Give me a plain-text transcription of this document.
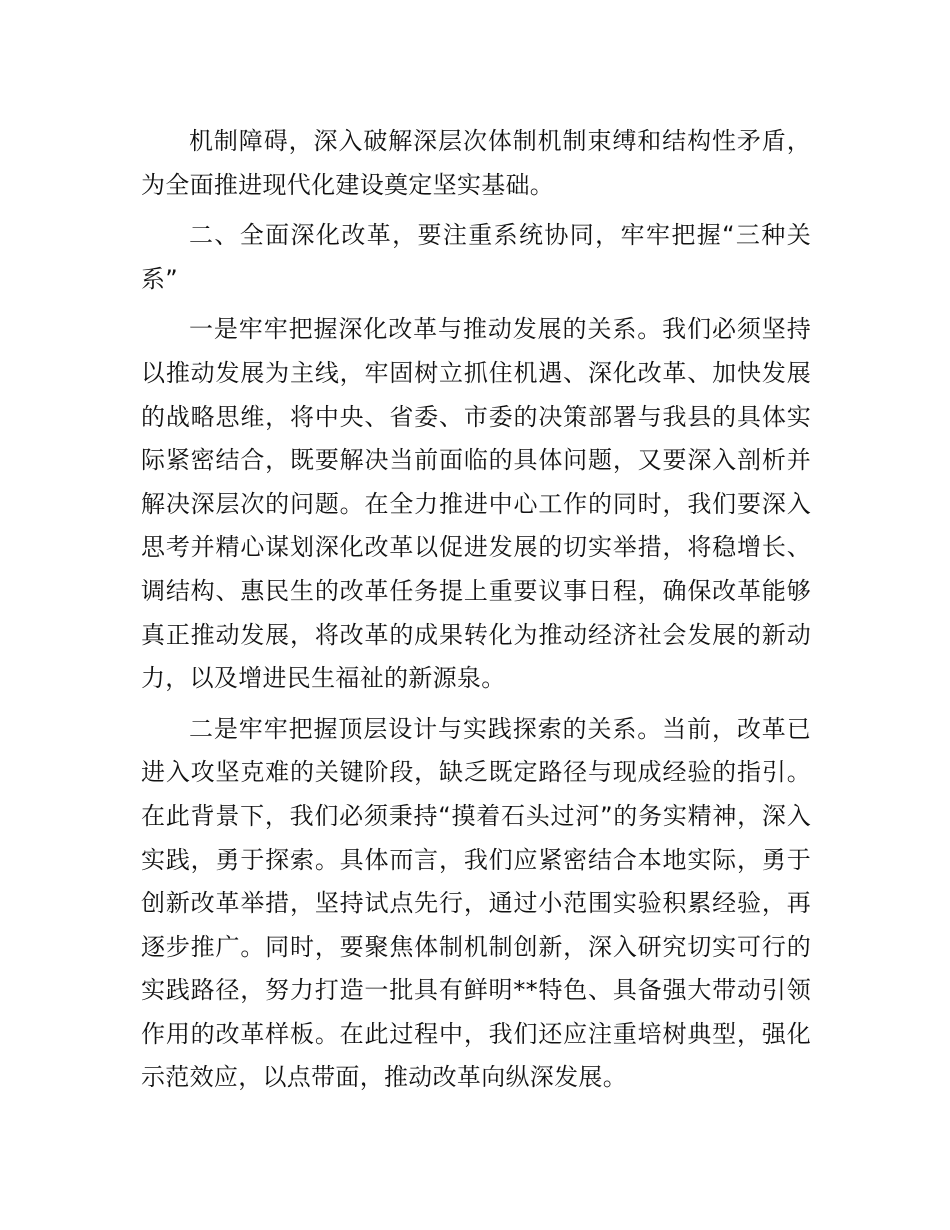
机制障碍，深入破解深层次体制机制束缚和结构性矛盾，为全面推进现代化建设奠定坚实基础。

二、全面深化改革，要注重系统协同，牢牢把握“三种关系”

一是牢牢把握深化改革与推动发展的关系。我们必须坚持以推动发展为主线，牢固树立抓住机遇、深化改革、加快发展的战略思维，将中央、省委、市委的决策部署与我县的具体实际紧密结合，既要解决当前面临的具体问题，又要深入剖析并解决深层次的问题。在全力推进中心工作的同时，我们要深入思考并精心谋划深化改革以促进发展的切实举措，将稳增长、调结构、惠民生的改革任务提上重要议事日程，确保改革能够真正推动发展，将改革的成果转化为推动经济社会发展的新动力，以及增进民生福祉的新源泉。

二是牢牢把握顶层设计与实践探索的关系。当前，改革已进入攻坚克难的关键阶段，缺乏既定路径与现成经验的指引。在此背景下，我们必须秉持“摸着石头过河”的务实精神，深入实践，勇于探索。具体而言，我们应紧密结合本地实际，勇于创新改革举措，坚持试点先行，通过小范围实验积累经验，再逐步推广。同时，要聚焦体制机制创新，深入研究切实可行的实践路径，努力打造一批具有鲜明**特色、具备强大带动引领作用的改革样板。在此过程中，我们还应注重培树典型，强化示范效应，以点带面，推动改革向纵深发展。
